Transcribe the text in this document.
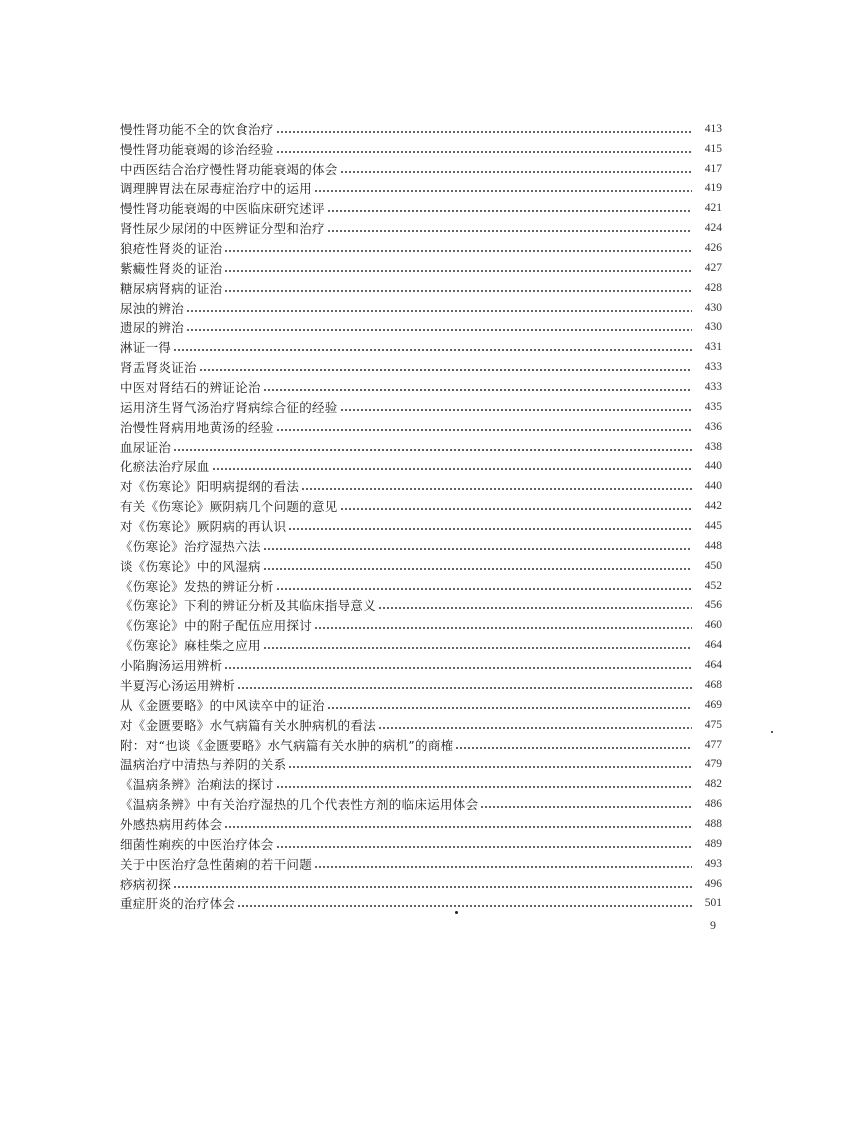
慢性肾功能不全的饮食治疗	413
慢性肾功能衰竭的诊治经验	415
中西医结合治疗慢性肾功能衰竭的体会	417
调理脾胃法在尿毒症治疗中的运用	419
慢性肾功能衰竭的中医临床研究述评	421
肾性尿少尿闭的中医辨证分型和治疗	424
狼疮性肾炎的证治	426
紫癜性肾炎的证治	427
糖尿病肾病的证治	428
尿浊的辨治	430
遗尿的辨治	430
淋证一得	431
肾盂肾炎证治	433
中医对肾结石的辨证论治	433
运用济生肾气汤治疗肾病综合征的经验	435
治慢性肾病用地黄汤的经验	436
血尿证治	438
化瘀法治疗尿血	440
对《伤寒论》阳明病提纲的看法	440
有关《伤寒论》厥阴病几个问题的意见	442
对《伤寒论》厥阴病的再认识	445
《伤寒论》治疗湿热六法	448
谈《伤寒论》中的风湿病	450
《伤寒论》发热的辨证分析	452
《伤寒论》下利的辨证分析及其临床指导意义	456
《伤寒论》中的附子配伍应用探讨	460
《伤寒论》麻桂柴之应用	464
小陷胸汤运用辨析	464
半夏泻心汤运用辨析	468
从《金匮要略》的中风读卒中的证治	469
对《金匮要略》水气病篇有关水肿病机的看法	475
附：对“也谈《金匮要略》水气病篇有关水肿的病机”的商榷	477
温病治疗中清热与养阴的关系	479
《温病条辨》治痢法的探讨	482
《温病条辨》中有关治疗湿热的几个代表性方剂的临床运用体会	486
外感热病用药体会	488
细菌性痢疾的中医治疗体会	489
关于中医治疗急性菌痢的若干问题	493
痧病初探	496
重症肝炎的治疗体会	501
9
